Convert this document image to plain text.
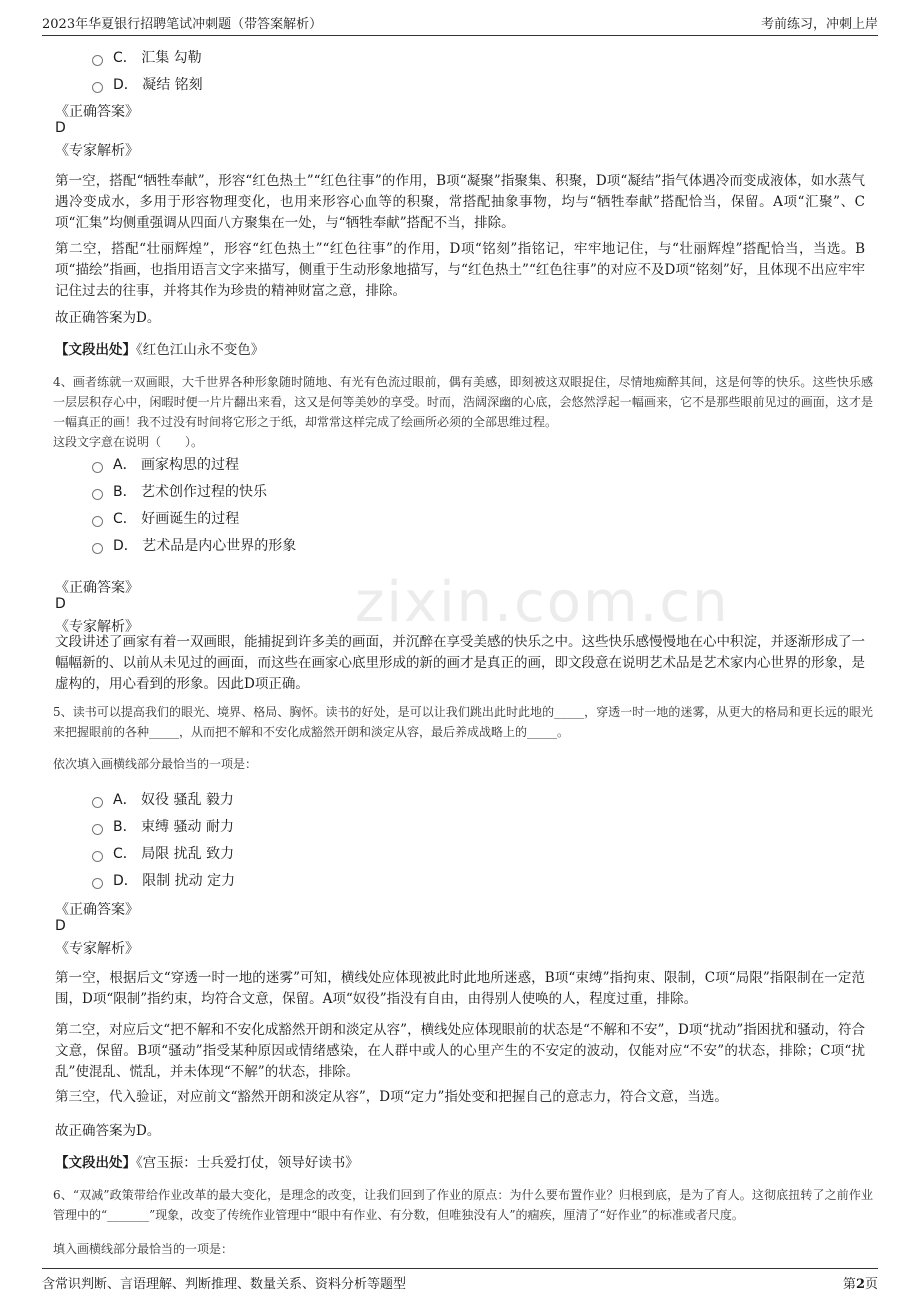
2023年华夏银行招聘笔试冲刺题（带答案解析）	考前练习，冲刺上岸
zixin.com.cn
C． 汇集 勾勒
D． 凝结 铭刻
《正确答案》
D
《专家解析》
第一空，搭配“牺牲奉献”，形容“红色热土”“红色往事”的作用，B项“凝聚”指聚集、积聚，D项“凝结”指气体遇冷而变成液体，如水蒸气遇冷变成水，多用于形容物理变化，也用来形容心血等的积聚，常搭配抽象事物，均与“牺牲奉献”搭配恰当，保留。A项“汇聚”、C项“汇集”均侧重强调从四面八方聚集在一处，与“牺牲奉献”搭配不当，排除。
第二空，搭配“壮丽辉煌”，形容“红色热土”“红色往事”的作用，D项“铭刻”指铭记，牢牢地记住，与“壮丽辉煌”搭配恰当，当选。B项“描绘”指画，也指用语言文字来描写，侧重于生动形象地描写，与“红色热土”“红色往事”的对应不及D项“铭刻”好，且体现不出应牢牢记住过去的往事，并将其作为珍贵的精神财富之意，排除。
故正确答案为D。
【文段出处】《红色江山永不变色》
4、画者练就一双画眼，大千世界各种形象随时随地、有光有色流过眼前，偶有美感，即刻被这双眼捉住，尽情地痴醉其间，这是何等的快乐。这些快乐感一层层积存心中，闲暇时便一片片翻出来看，这又是何等美妙的享受。时而，浩阔深幽的心底，会悠然浮起一幅画来，它不是那些眼前见过的画面，这才是一幅真正的画！我不过没有时间将它形之于纸，却常常这样完成了绘画所必须的全部思维过程。
这段文字意在说明（　　）。
A． 画家构思的过程
B． 艺术创作过程的快乐
C． 好画诞生的过程
D． 艺术品是内心世界的形象
《正确答案》
D
《专家解析》
文段讲述了画家有着一双画眼，能捕捉到许多美的画面，并沉醉在享受美感的快乐之中。这些快乐感慢慢地在心中积淀，并逐渐形成了一幅幅新的、以前从未见过的画面，而这些在画家心底里形成的新的画才是真正的画，即文段意在说明艺术品是艺术家内心世界的形象，是虚构的，用心看到的形象。因此D项正确。
5、读书可以提高我们的眼光、境界、格局、胸怀。读书的好处，是可以让我们跳出此时此地的_____，穿透一时一地的迷雾，从更大的格局和更长远的眼光来把握眼前的各种_____，从而把不解和不安化成豁然开朗和淡定从容，最后养成战略上的_____。
依次填入画横线部分最恰当的一项是：
A． 奴役 骚乱 毅力
B． 束缚 骚动 耐力
C． 局限 扰乱 致力
D． 限制 扰动 定力
《正确答案》
D
《专家解析》
第一空，根据后文“穿透一时一地的迷雾”可知，横线处应体现被此时此地所迷惑，B项“束缚”指拘束、限制，C项“局限”指限制在一定范围，D项“限制”指约束，均符合文意，保留。A项“奴役”指没有自由，由得别人使唤的人，程度过重，排除。
第二空，对应后文“把不解和不安化成豁然开朗和淡定从容”，横线处应体现眼前的状态是“不解和不安”，D项“扰动”指困扰和骚动，符合文意，保留。B项“骚动”指受某种原因或情绪感染，在人群中或人的心里产生的不安定的波动，仅能对应“不安”的状态，排除；C项“扰乱”使混乱、慌乱，并未体现“不解”的状态，排除。
第三空，代入验证，对应前文“豁然开朗和淡定从容”，D项“定力”指处变和把握自己的意志力，符合文意，当选。
故正确答案为D。
【文段出处】《宫玉振：士兵爱打仗，领导好读书》
6、“双减”政策带给作业改革的最大变化，是理念的改变，让我们回到了作业的原点：为什么要布置作业？归根到底，是为了育人。这彻底扭转了之前作业管理中的“_______”现象，改变了传统作业管理中“眼中有作业、有分数，但唯独没有人”的痼疾，厘清了“好作业”的标准或者尺度。
填入画横线部分最恰当的一项是：
含常识判断、言语理解、判断推理、数量关系、资料分析等题型	第2页
